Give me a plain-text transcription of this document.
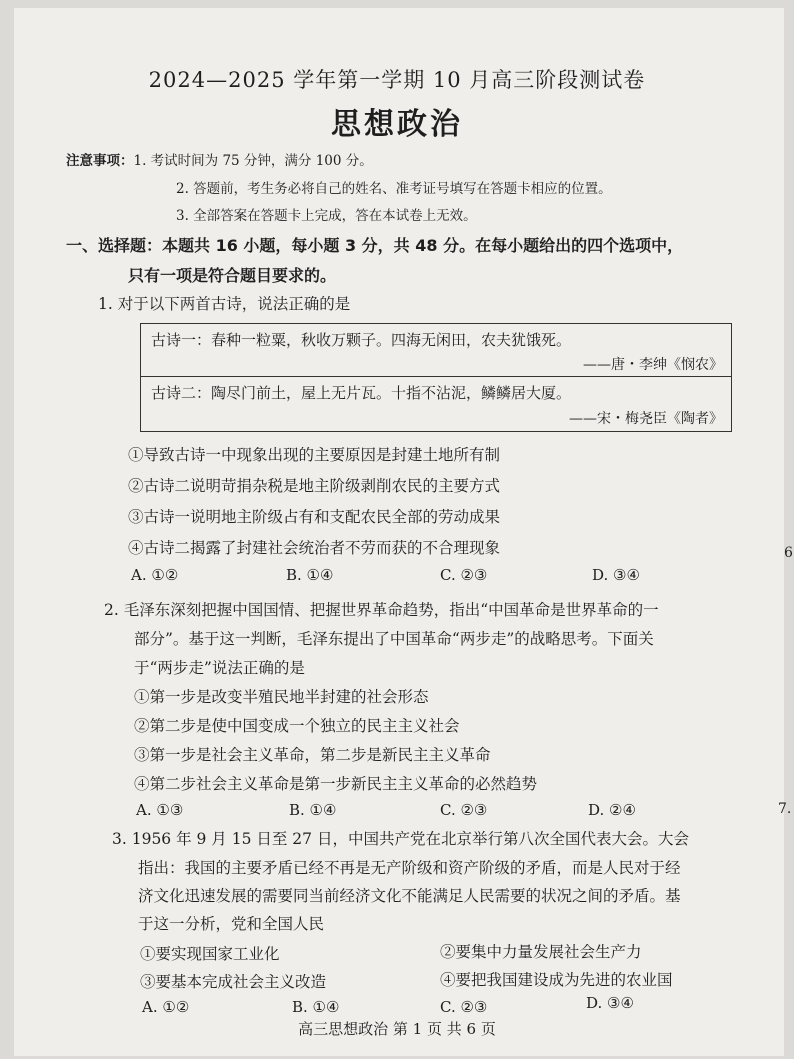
2024—2025 学年第一学期 10 月高三阶段测试卷
思想政治
注意事项：1. 考试时间为 75 分钟，满分 100 分。
2. 答题前，考生务必将自己的姓名、准考证号填写在答题卡相应的位置。
3. 全部答案在答题卡上完成，答在本试卷上无效。
一、选择题：本题共 16 小题，每小题 3 分，共 48 分。在每小题给出的四个选项中，
只有一项是符合题目要求的。
1. 对于以下两首古诗，说法正确的是
古诗一：春种一粒粟，秋收万颗子。四海无闲田，农夫犹饿死。
——唐・李绅《悯农》
古诗二：陶尽门前土，屋上无片瓦。十指不沾泥，鳞鳞居大厦。
——宋・梅尧臣《陶者》
①导致古诗一中现象出现的主要原因是封建土地所有制
②古诗二说明苛捐杂税是地主阶级剥削农民的主要方式
③古诗一说明地主阶级占有和支配农民全部的劳动成果
④古诗二揭露了封建社会统治者不劳而获的不合理现象
A. ①②	B. ①④	C. ②③	D. ③④
2. 毛泽东深刻把握中国国情、把握世界革命趋势，指出“中国革命是世界革命的一
部分”。基于这一判断，毛泽东提出了中国革命“两步走”的战略思考。下面关
于“两步走”说法正确的是
①第一步是改变半殖民地半封建的社会形态
②第二步是使中国变成一个独立的民主主义社会
③第一步是社会主义革命，第二步是新民主主义革命
④第二步社会主义革命是第一步新民主主义革命的必然趋势
A. ①③	B. ①④	C. ②③	D. ②④
3. 1956 年 9 月 15 日至 27 日，中国共产党在北京举行第八次全国代表大会。大会
指出：我国的主要矛盾已经不再是无产阶级和资产阶级的矛盾，而是人民对于经
济文化迅速发展的需要同当前经济文化不能满足人民需要的状况之间的矛盾。基
于这一分析，党和全国人民
①要实现国家工业化	②要集中力量发展社会生产力
③要基本完成社会主义改造	④要把我国建设成为先进的农业国
A. ①②	B. ①④	C. ②③	D. ③④
高三思想政治 第 1 页 共 6 页
6
7.
